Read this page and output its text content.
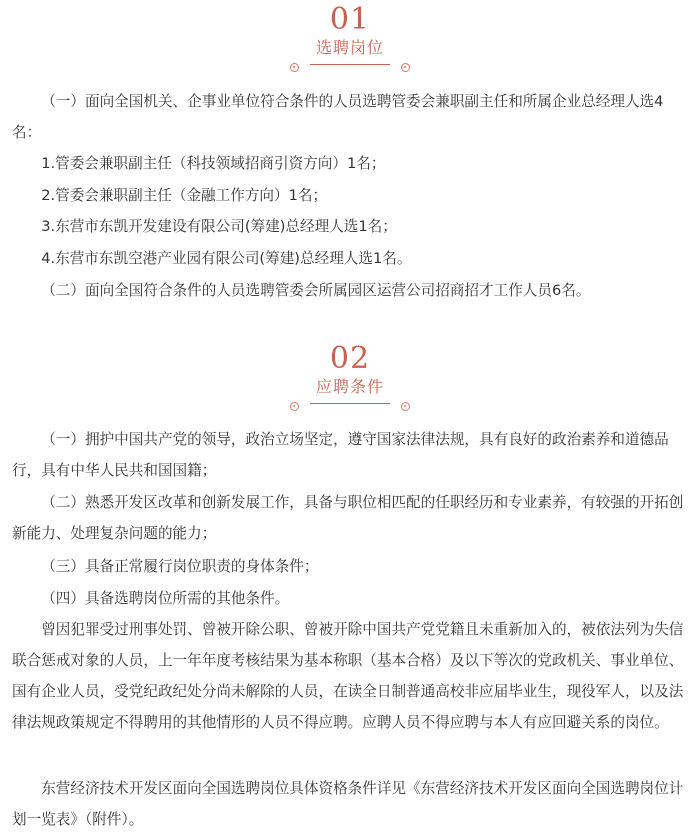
01
选聘岗位

（一）面向全国机关、企事业单位符合条件的人员选聘管委会兼职副主任和所属企业总经理人选4名：

1.管委会兼职副主任（科技领域招商引资方向）1名；

2.管委会兼职副主任（金融工作方向）1名；

3.东营市东凯开发建设有限公司(筹建)总经理人选1名；

4.东营市东凯空港产业园有限公司(筹建)总经理人选1名。

（二）面向全国符合条件的人员选聘管委会所属园区运营公司招商招才工作人员6名。

02
应聘条件

（一）拥护中国共产党的领导，政治立场坚定，遵守国家法律法规，具有良好的政治素养和道德品行，具有中华人民共和国国籍；

（二）熟悉开发区改革和创新发展工作，具备与职位相匹配的任职经历和专业素养，有较强的开拓创新能力、处理复杂问题的能力；

（三）具备正常履行岗位职责的身体条件；

（四）具备选聘岗位所需的其他条件。

曾因犯罪受过刑事处罚、曾被开除公职、曾被开除中国共产党党籍且未重新加入的，被依法列为失信联合惩戒对象的人员，上一年年度考核结果为基本称职（基本合格）及以下等次的党政机关、事业单位、国有企业人员，受党纪政纪处分尚未解除的人员，在读全日制普通高校非应届毕业生，现役军人，以及法律法规政策规定不得聘用的其他情形的人员不得应聘。应聘人员不得应聘与本人有应回避关系的岗位。

东营经济技术开发区面向全国选聘岗位具体资格条件详见《东营经济技术开发区面向全国选聘岗位计划一览表》（附件）。
